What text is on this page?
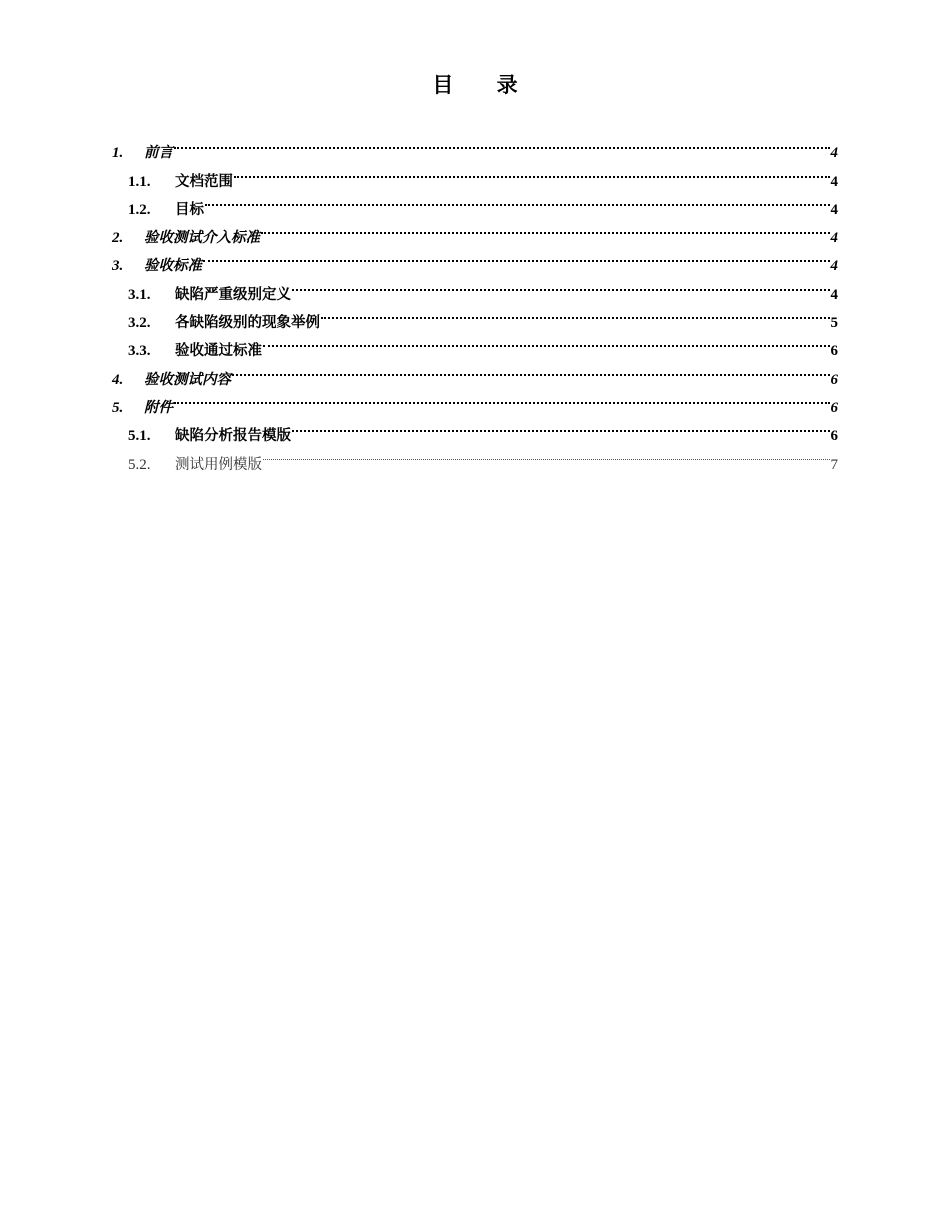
目 录
1.	前言	4
1.1.	文档范围	4
1.2.	目标	4
2.	验收测试介入标准	4
3.	验收标准	4
3.1.	缺陷严重级别定义	4
3.2.	各缺陷级别的现象举例	5
3.3.	验收通过标准	6
4.	验收测试内容	6
5.	附件	6
5.1.	缺陷分析报告模版	6
5.2.	测试用例模版	7
